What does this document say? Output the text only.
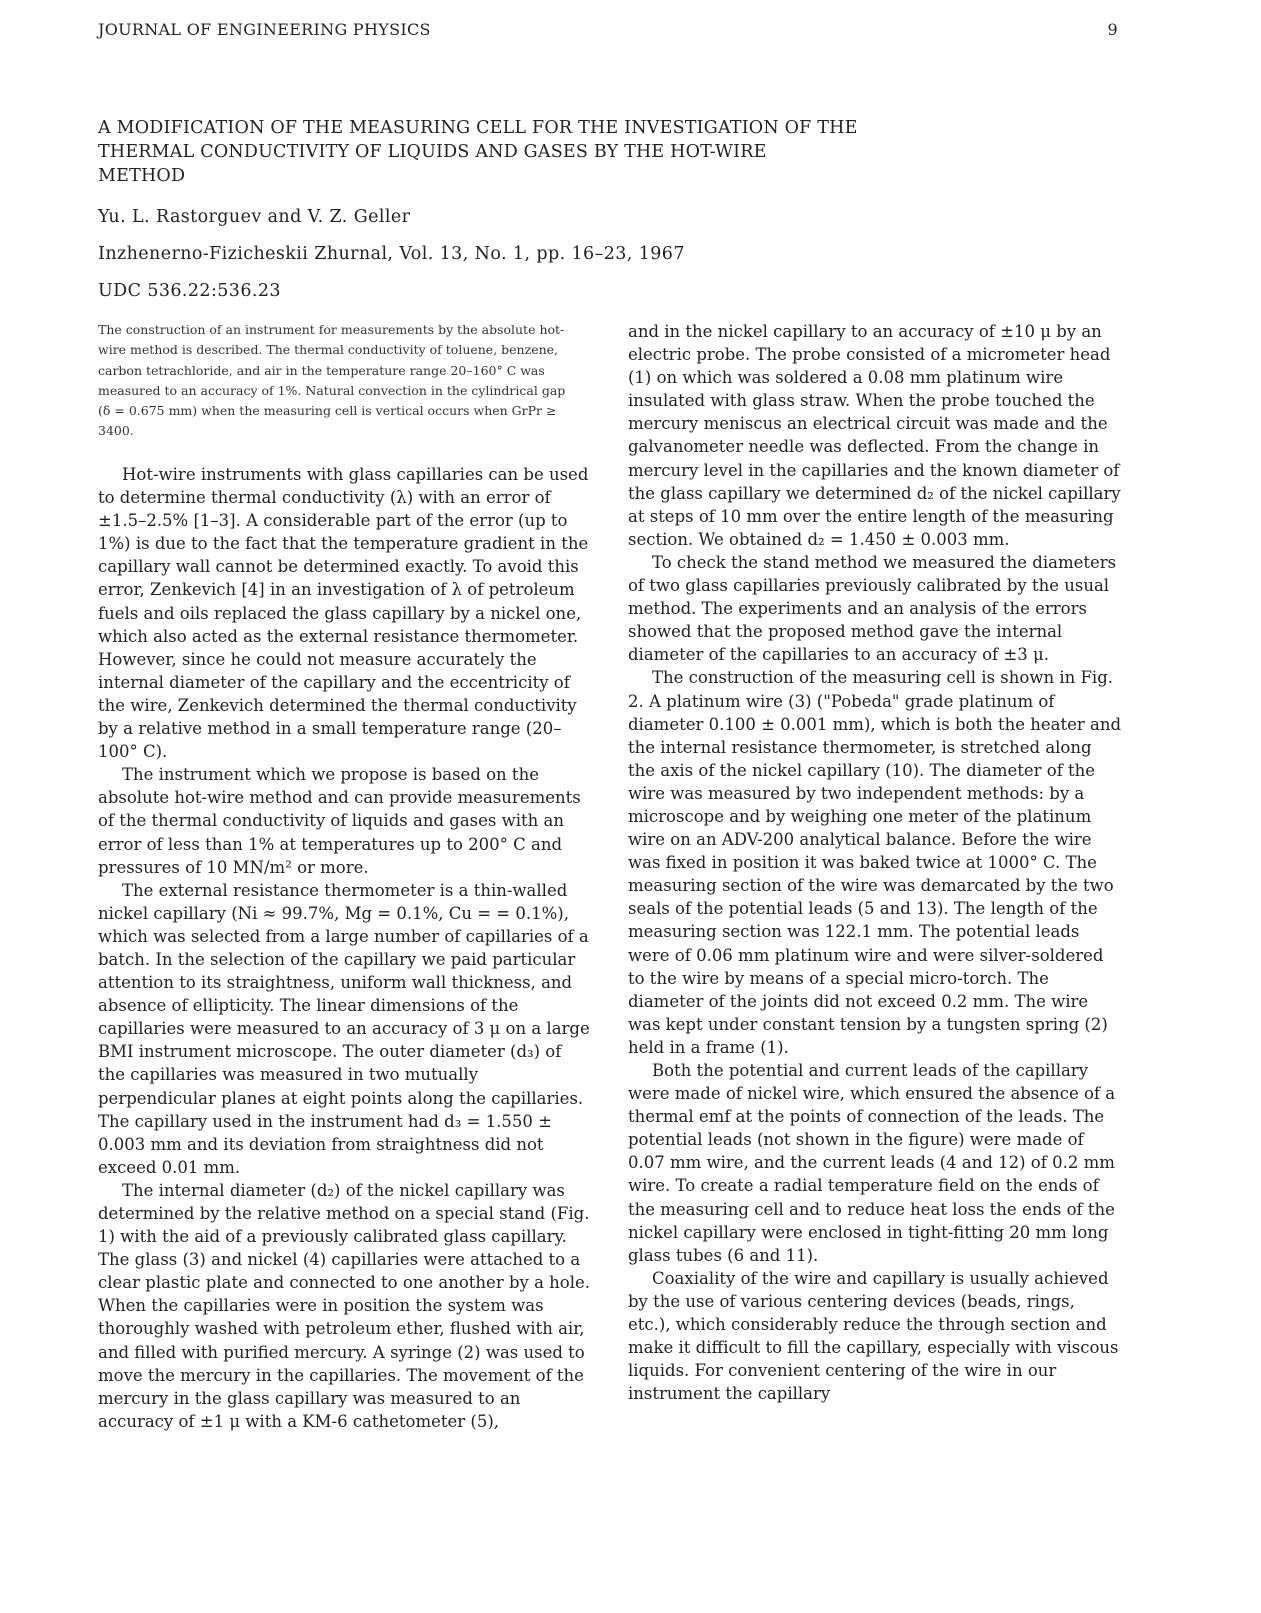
JOURNAL OF ENGINEERING PHYSICS	9
A MODIFICATION OF THE MEASURING CELL FOR THE INVESTIGATION OF THE THERMAL CONDUCTIVITY OF LIQUIDS AND GASES BY THE HOT-WIRE METHOD
Yu. L. Rastorguev and V. Z. Geller
Inzhenerno-Fizicheskii Zhurnal, Vol. 13, No. 1, pp. 16–23, 1967
UDC 536.22:536.23
The construction of an instrument for measurements by the absolute hot-wire method is described. The thermal conductivity of toluene, benzene, carbon tetrachloride, and air in the temperature range 20–160° C was measured to an accuracy of 1%. Natural convection in the cylindrical gap (δ = 0.675 mm) when the measuring cell is vertical occurs when GrPr ≥ 3400.

Hot-wire instruments with glass capillaries can be used to determine thermal conductivity (λ) with an error of ±1.5–2.5% [1–3]. A considerable part of the error (up to 1%) is due to the fact that the temperature gradient in the capillary wall cannot be determined exactly. To avoid this error, Zenkevich [4] in an investigation of λ of petroleum fuels and oils replaced the glass capillary by a nickel one, which also acted as the external resistance thermometer. However, since he could not measure accurately the internal diameter of the capillary and the eccentricity of the wire, Zenkevich determined the thermal conductivity by a relative method in a small temperature range (20–100° C).

The instrument which we propose is based on the absolute hot-wire method and can provide measurements of the thermal conductivity of liquids and gases with an error of less than 1% at temperatures up to 200° C and pressures of 10 MN/m² or more.

The external resistance thermometer is a thin-walled nickel capillary (Ni ≈ 99.7%, Mg = 0.1%, Cu = = 0.1%), which was selected from a large number of capillaries of a batch. In the selection of the capillary we paid particular attention to its straightness, uniform wall thickness, and absence of ellipticity. The linear dimensions of the capillaries were measured to an accuracy of 3 μ on a large BMI instrument microscope. The outer diameter (d₃) of the capillaries was measured in two mutually perpendicular planes at eight points along the capillaries. The capillary used in the instrument had d₃ = 1.550 ± 0.003 mm and its deviation from straightness did not exceed 0.01 mm.

The internal diameter (d₂) of the nickel capillary was determined by the relative method on a special stand (Fig. 1) with the aid of a previously calibrated glass capillary. The glass (3) and nickel (4) capillaries were attached to a clear plastic plate and connected to one another by a hole. When the capillaries were in position the system was thoroughly washed with petroleum ether, flushed with air, and filled with purified mercury. A syringe (2) was used to move the mercury in the capillaries. The movement of the mercury in the glass capillary was measured to an accuracy of ±1 μ with a KM-6 cathetometer (5),

and in the nickel capillary to an accuracy of ±10 μ by an electric probe. The probe consisted of a micrometer head (1) on which was soldered a 0.08 mm platinum wire insulated with glass straw. When the probe touched the mercury meniscus an electrical circuit was made and the galvanometer needle was deflected. From the change in mercury level in the capillaries and the known diameter of the glass capillary we determined d₂ of the nickel capillary at steps of 10 mm over the entire length of the measuring section. We obtained d₂ = 1.450 ± 0.003 mm.

To check the stand method we measured the diameters of two glass capillaries previously calibrated by the usual method. The experiments and an analysis of the errors showed that the proposed method gave the internal diameter of the capillaries to an accuracy of ±3 μ.

The construction of the measuring cell is shown in Fig. 2. A platinum wire (3) ("Pobeda" grade platinum of diameter 0.100 ± 0.001 mm), which is both the heater and the internal resistance thermometer, is stretched along the axis of the nickel capillary (10). The diameter of the wire was measured by two independent methods: by a microscope and by weighing one meter of the platinum wire on an ADV-200 analytical balance. Before the wire was fixed in position it was baked twice at 1000° C. The measuring section of the wire was demarcated by the two seals of the potential leads (5 and 13). The length of the measuring section was 122.1 mm. The potential leads were of 0.06 mm platinum wire and were silver-soldered to the wire by means of a special micro-torch. The diameter of the joints did not exceed 0.2 mm. The wire was kept under constant tension by a tungsten spring (2) held in a frame (1).

Both the potential and current leads of the capillary were made of nickel wire, which ensured the absence of a thermal emf at the points of connection of the leads. The potential leads (not shown in the figure) were made of 0.07 mm wire, and the current leads (4 and 12) of 0.2 mm wire. To create a radial temperature field on the ends of the measuring cell and to reduce heat loss the ends of the nickel capillary were enclosed in tight-fitting 20 mm long glass tubes (6 and 11).

Coaxiality of the wire and capillary is usually achieved by the use of various centering devices (beads, rings, etc.), which considerably reduce the through section and make it difficult to fill the capillary, especially with viscous liquids. For convenient centering of the wire in our instrument the capillary
